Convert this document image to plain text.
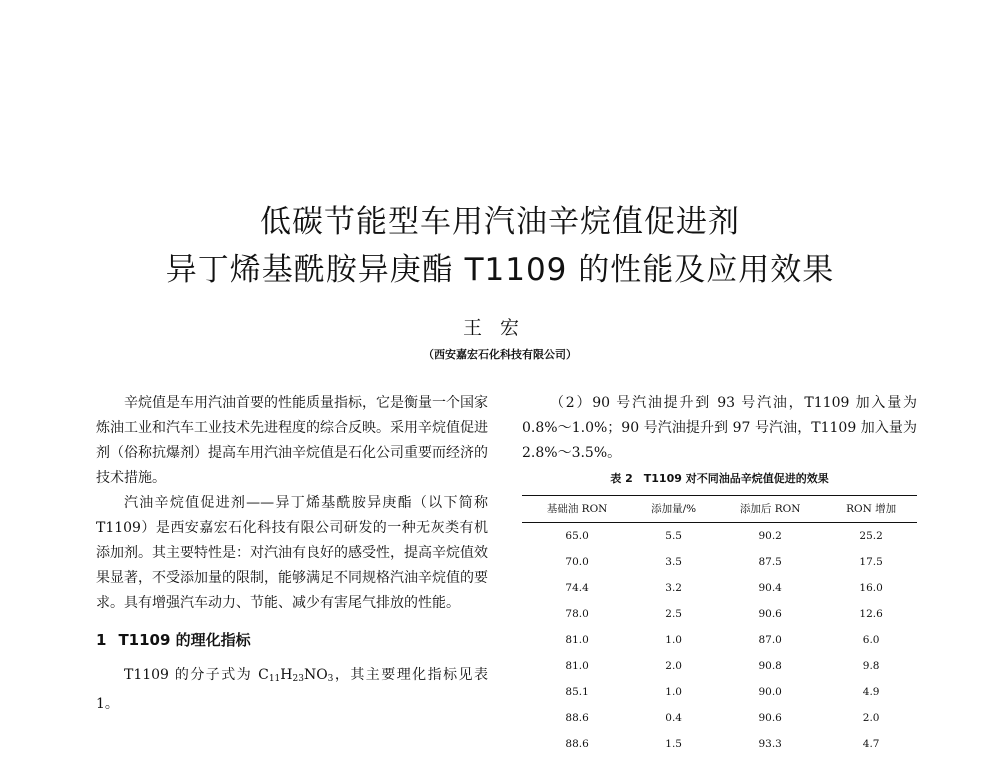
低碳节能型车用汽油辛烷值促进剂
异丁烯基酰胺异庚酯 T1109 的性能及应用效果
王宏
（西安嘉宏石化科技有限公司）

辛烷值是车用汽油首要的性能质量指标，它是衡量一个国家炼油工业和汽车工业技术先进程度的综合反映。采用辛烷值促进剂（俗称抗爆剂）提高车用汽油辛烷值是石化公司重要而经济的技术措施。

汽油辛烷值促进剂——异丁烯基酰胺异庚酯（以下简称 T1109）是西安嘉宏石化科技有限公司研发的一种无灰类有机添加剂。其主要特性是：对汽油有良好的感受性，提高辛烷值效果显著，不受添加量的限制，能够满足不同规格汽油辛烷值的要求。具有增强汽车动力、节能、减少有害尾气排放的性能。

1 T1109 的理化指标

T1109 的分子式为 $C_{11}H_{23}NO_3$，其主要理化指标见表 1。

（2）90 号汽油提升到 93 号汽油，T1109 加入量为 0.8%～1.0%；90 号汽油提升到 97 号汽油，T1109 加入量为 2.8%～3.5%。

表 2　T1109 对不同油品辛烷值促进的效果
基础油 RON	添加量/%	添加后 RON	RON 增加
65.0	5.5	90.2	25.2
70.0	3.5	87.5	17.5
74.4	3.2	90.4	16.0
78.0	2.5	90.6	12.6
81.0	1.0	87.0	6.0
81.0	2.0	90.8	9.8
85.1	1.0	90.0	4.9
88.6	0.4	90.6	2.0
88.6	1.5	93.3	4.7
